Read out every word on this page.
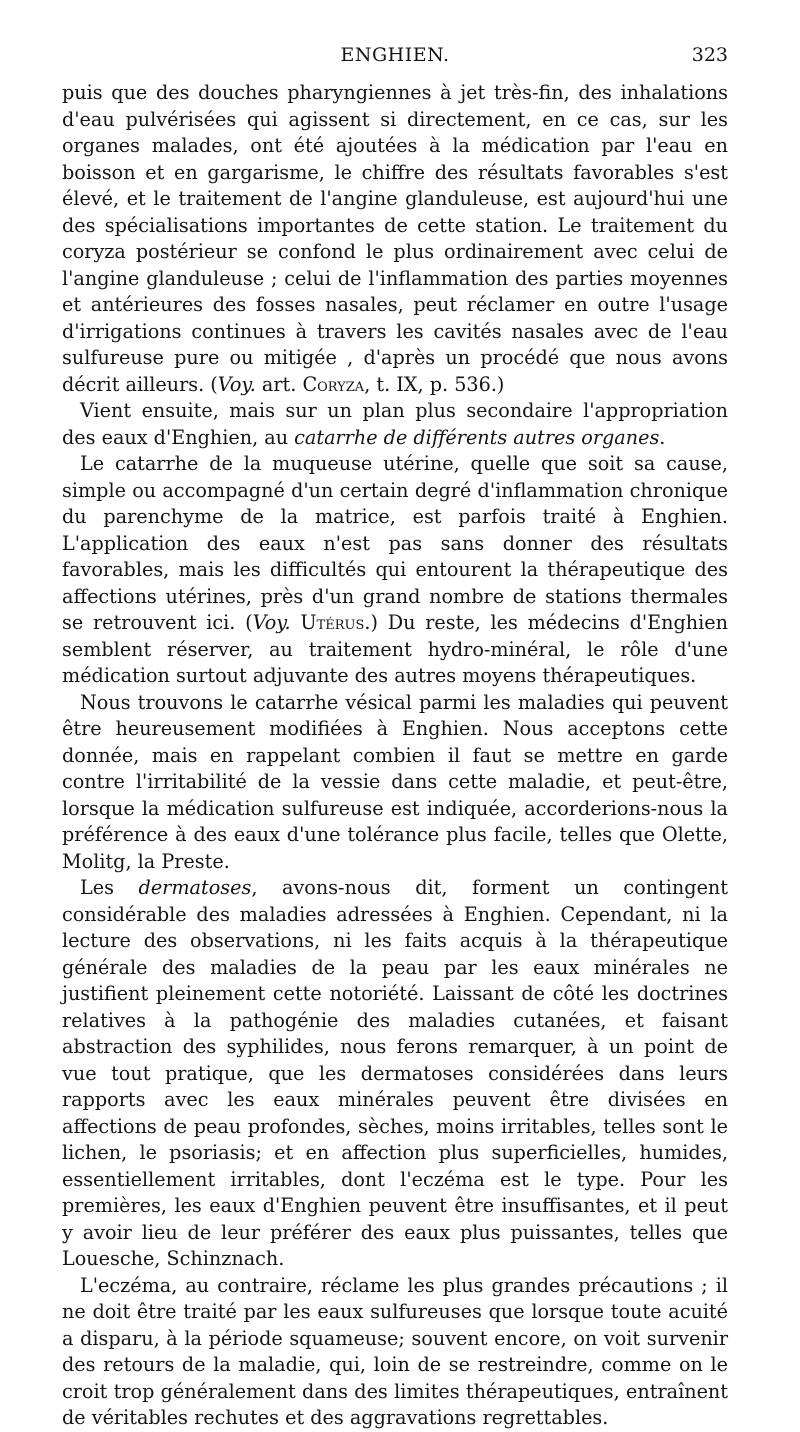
ENGHIEN.	323

puis que des douches pharyngiennes à jet très-fin, des inhalations d'eau pulvérisées qui agissent si directement, en ce cas, sur les organes malades, ont été ajoutées à la médication par l'eau en boisson et en gargarisme, le chiffre des résultats favorables s'est élevé, et le traitement de l'angine glanduleuse, est aujourd'hui une des spécialisations importantes de cette station. Le traitement du coryza postérieur se confond le plus ordinairement avec celui de l'angine glanduleuse ; celui de l'inflammation des parties moyennes et antérieures des fosses nasales, peut réclamer en outre l'usage d'irrigations continues à travers les cavités nasales avec de l'eau sulfureuse pure ou mitigée , d'après un procédé que nous avons décrit ailleurs. (Voy. art. Coryza, t. IX, p. 536.)

Vient ensuite, mais sur un plan plus secondaire l'appropriation des eaux d'Enghien, au catarrhe de différents autres organes.

Le catarrhe de la muqueuse utérine, quelle que soit sa cause, simple ou accompagné d'un certain degré d'inflammation chronique du parenchyme de la matrice, est parfois traité à Enghien. L'application des eaux n'est pas sans donner des résultats favorables, mais les difficultés qui entourent la thérapeutique des affections utérines, près d'un grand nombre de stations thermales se retrouvent ici. (Voy. Utérus.) Du reste, les médecins d'Enghien semblent réserver, au traitement hydro-minéral, le rôle d'une médication surtout adjuvante des autres moyens thérapeutiques.

Nous trouvons le catarrhe vésical parmi les maladies qui peuvent être heureusement modifiées à Enghien. Nous acceptons cette donnée, mais en rappelant combien il faut se mettre en garde contre l'irritabilité de la vessie dans cette maladie, et peut-être, lorsque la médication sulfureuse est indiquée, accorderions-nous la préférence à des eaux d'une tolérance plus facile, telles que Olette, Molitg, la Preste.

Les dermatoses, avons-nous dit, forment un contingent considérable des maladies adressées à Enghien. Cependant, ni la lecture des observations, ni les faits acquis à la thérapeutique générale des maladies de la peau par les eaux minérales ne justifient pleinement cette notoriété. Laissant de côté les doctrines relatives à la pathogénie des maladies cutanées, et faisant abstraction des syphilides, nous ferons remarquer, à un point de vue tout pratique, que les dermatoses considérées dans leurs rapports avec les eaux minérales peuvent être divisées en affections de peau profondes, sèches, moins irritables, telles sont le lichen, le psoriasis; et en affection plus superficielles, humides, essentiellement irritables, dont l'eczéma est le type. Pour les premières, les eaux d'Enghien peuvent être insuffisantes, et il peut y avoir lieu de leur préférer des eaux plus puissantes, telles que Louesche, Schinznach.

L'eczéma, au contraire, réclame les plus grandes précautions ; il ne doit être traité par les eaux sulfureuses que lorsque toute acuité a disparu, à la période squameuse; souvent encore, on voit survenir des retours de la maladie, qui, loin de se restreindre, comme on le croit trop généralement dans des limites thérapeutiques, entraînent de véritables rechutes et des aggravations regrettables.
